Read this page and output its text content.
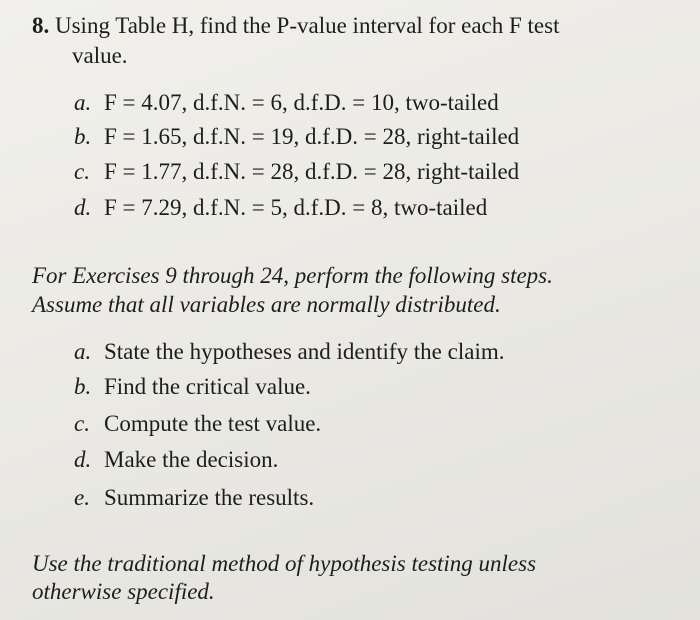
8. Using Table H, find the P-value interval for each F test
value.
a. F = 4.07, d.f.N. = 6, d.f.D. = 10, two-tailed
b. F = 1.65, d.f.N. = 19, d.f.D. = 28, right-tailed
c. F = 1.77, d.f.N. = 28, d.f.D. = 28, right-tailed
d. F = 7.29, d.f.N. = 5, d.f.D. = 8, two-tailed
For Exercises 9 through 24, perform the following steps.
Assume that all variables are normally distributed.
a. State the hypotheses and identify the claim.
b. Find the critical value.
c. Compute the test value.
d. Make the decision.
e. Summarize the results.
Use the traditional method of hypothesis testing unless
otherwise specified.
